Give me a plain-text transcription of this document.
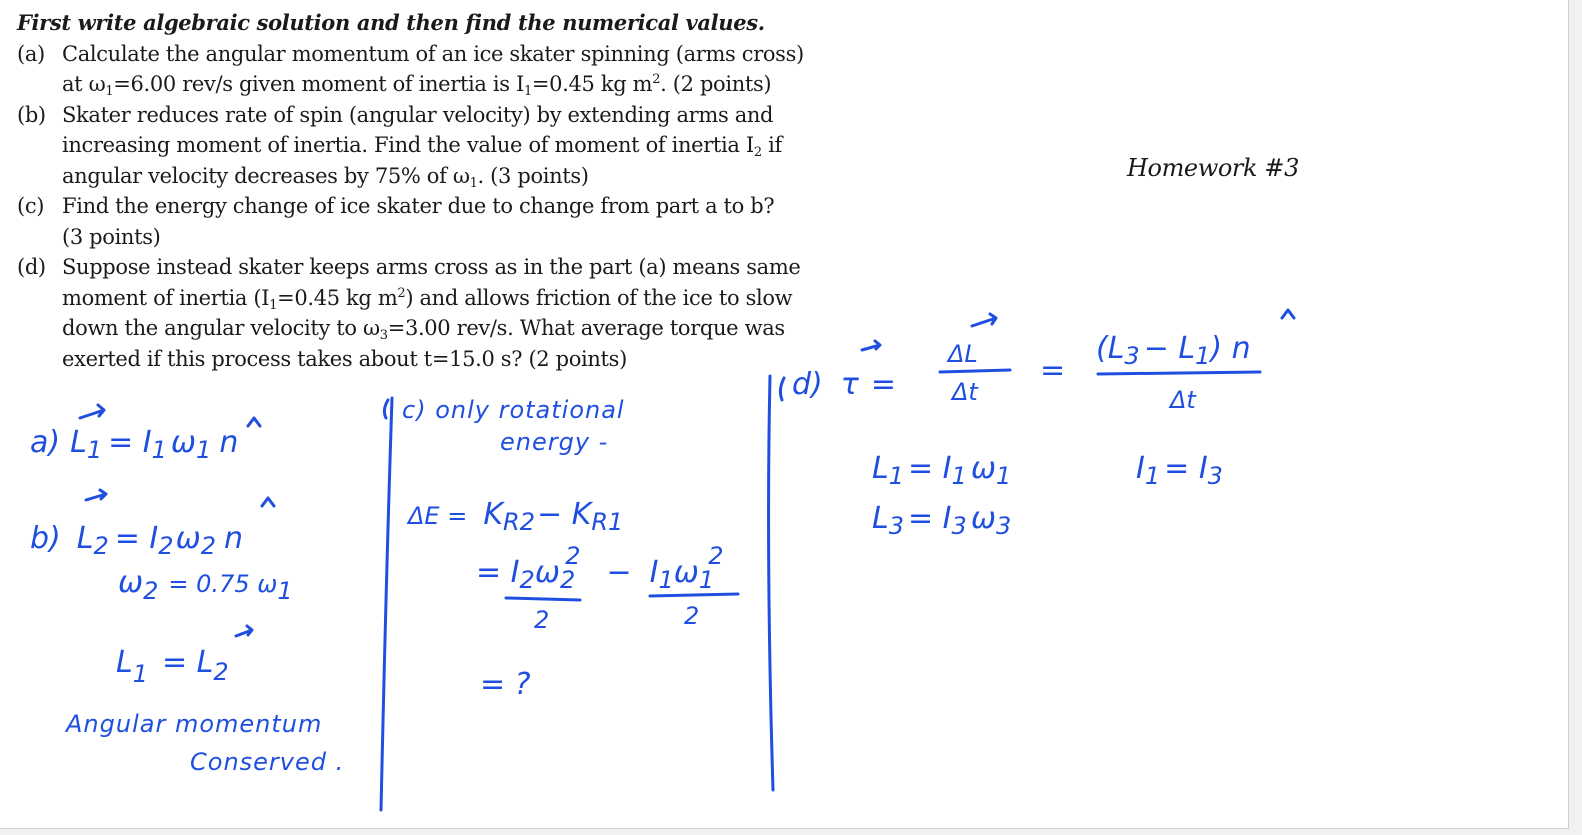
First write algebraic solution and then find the numerical values.
(a) Calculate the angular momentum of an ice skater spinning (arms cross)
at $\omega_1=6.00$ rev/s given moment of inertia is $I_1=0.45$ kg $m^2$. (2 points)
(b) Skater reduces rate of spin (angular velocity) by extending arms and
increasing moment of inertia. Find the value of moment of inertia $I_2$ if
angular velocity decreases by 75% of $\omega_1$. (3 points)
(c) Find the energy change of ice skater due to change from part a to b?
(3 points)
(d) Suppose instead skater keeps arms cross as in the part (a) means same
moment of inertia ($I_1=0.45$ kg $m^2$) and allows friction of the ice to slow
down the angular velocity to $\omega_3=3.00$ rev/s. What average torque was
exerted if this process takes about t=15.0 s? (2 points)
Homework #3
a) $L_1 = I_1$ $\omega_1$ n
b) $L_2 = I_2\omega_2$ n
$\omega_2$ $^{= 0.75 \omega}_1$
$L_1 = L_2$
Angular momentum
Conserved .
c) only rotational
energy -
$\Delta E = K_{R2}- K_{R1}$
= $I_2\omega_22 - I_1\omega_12$
2	2
= ?
d) τ =
ΔL
Δt
=
$(L_3 - L_1)$ n
Δt
$L_1 = I_1$ $\omega_1$
$L_3 = I_3$ $\omega_3$
$I_1 = I_3$
